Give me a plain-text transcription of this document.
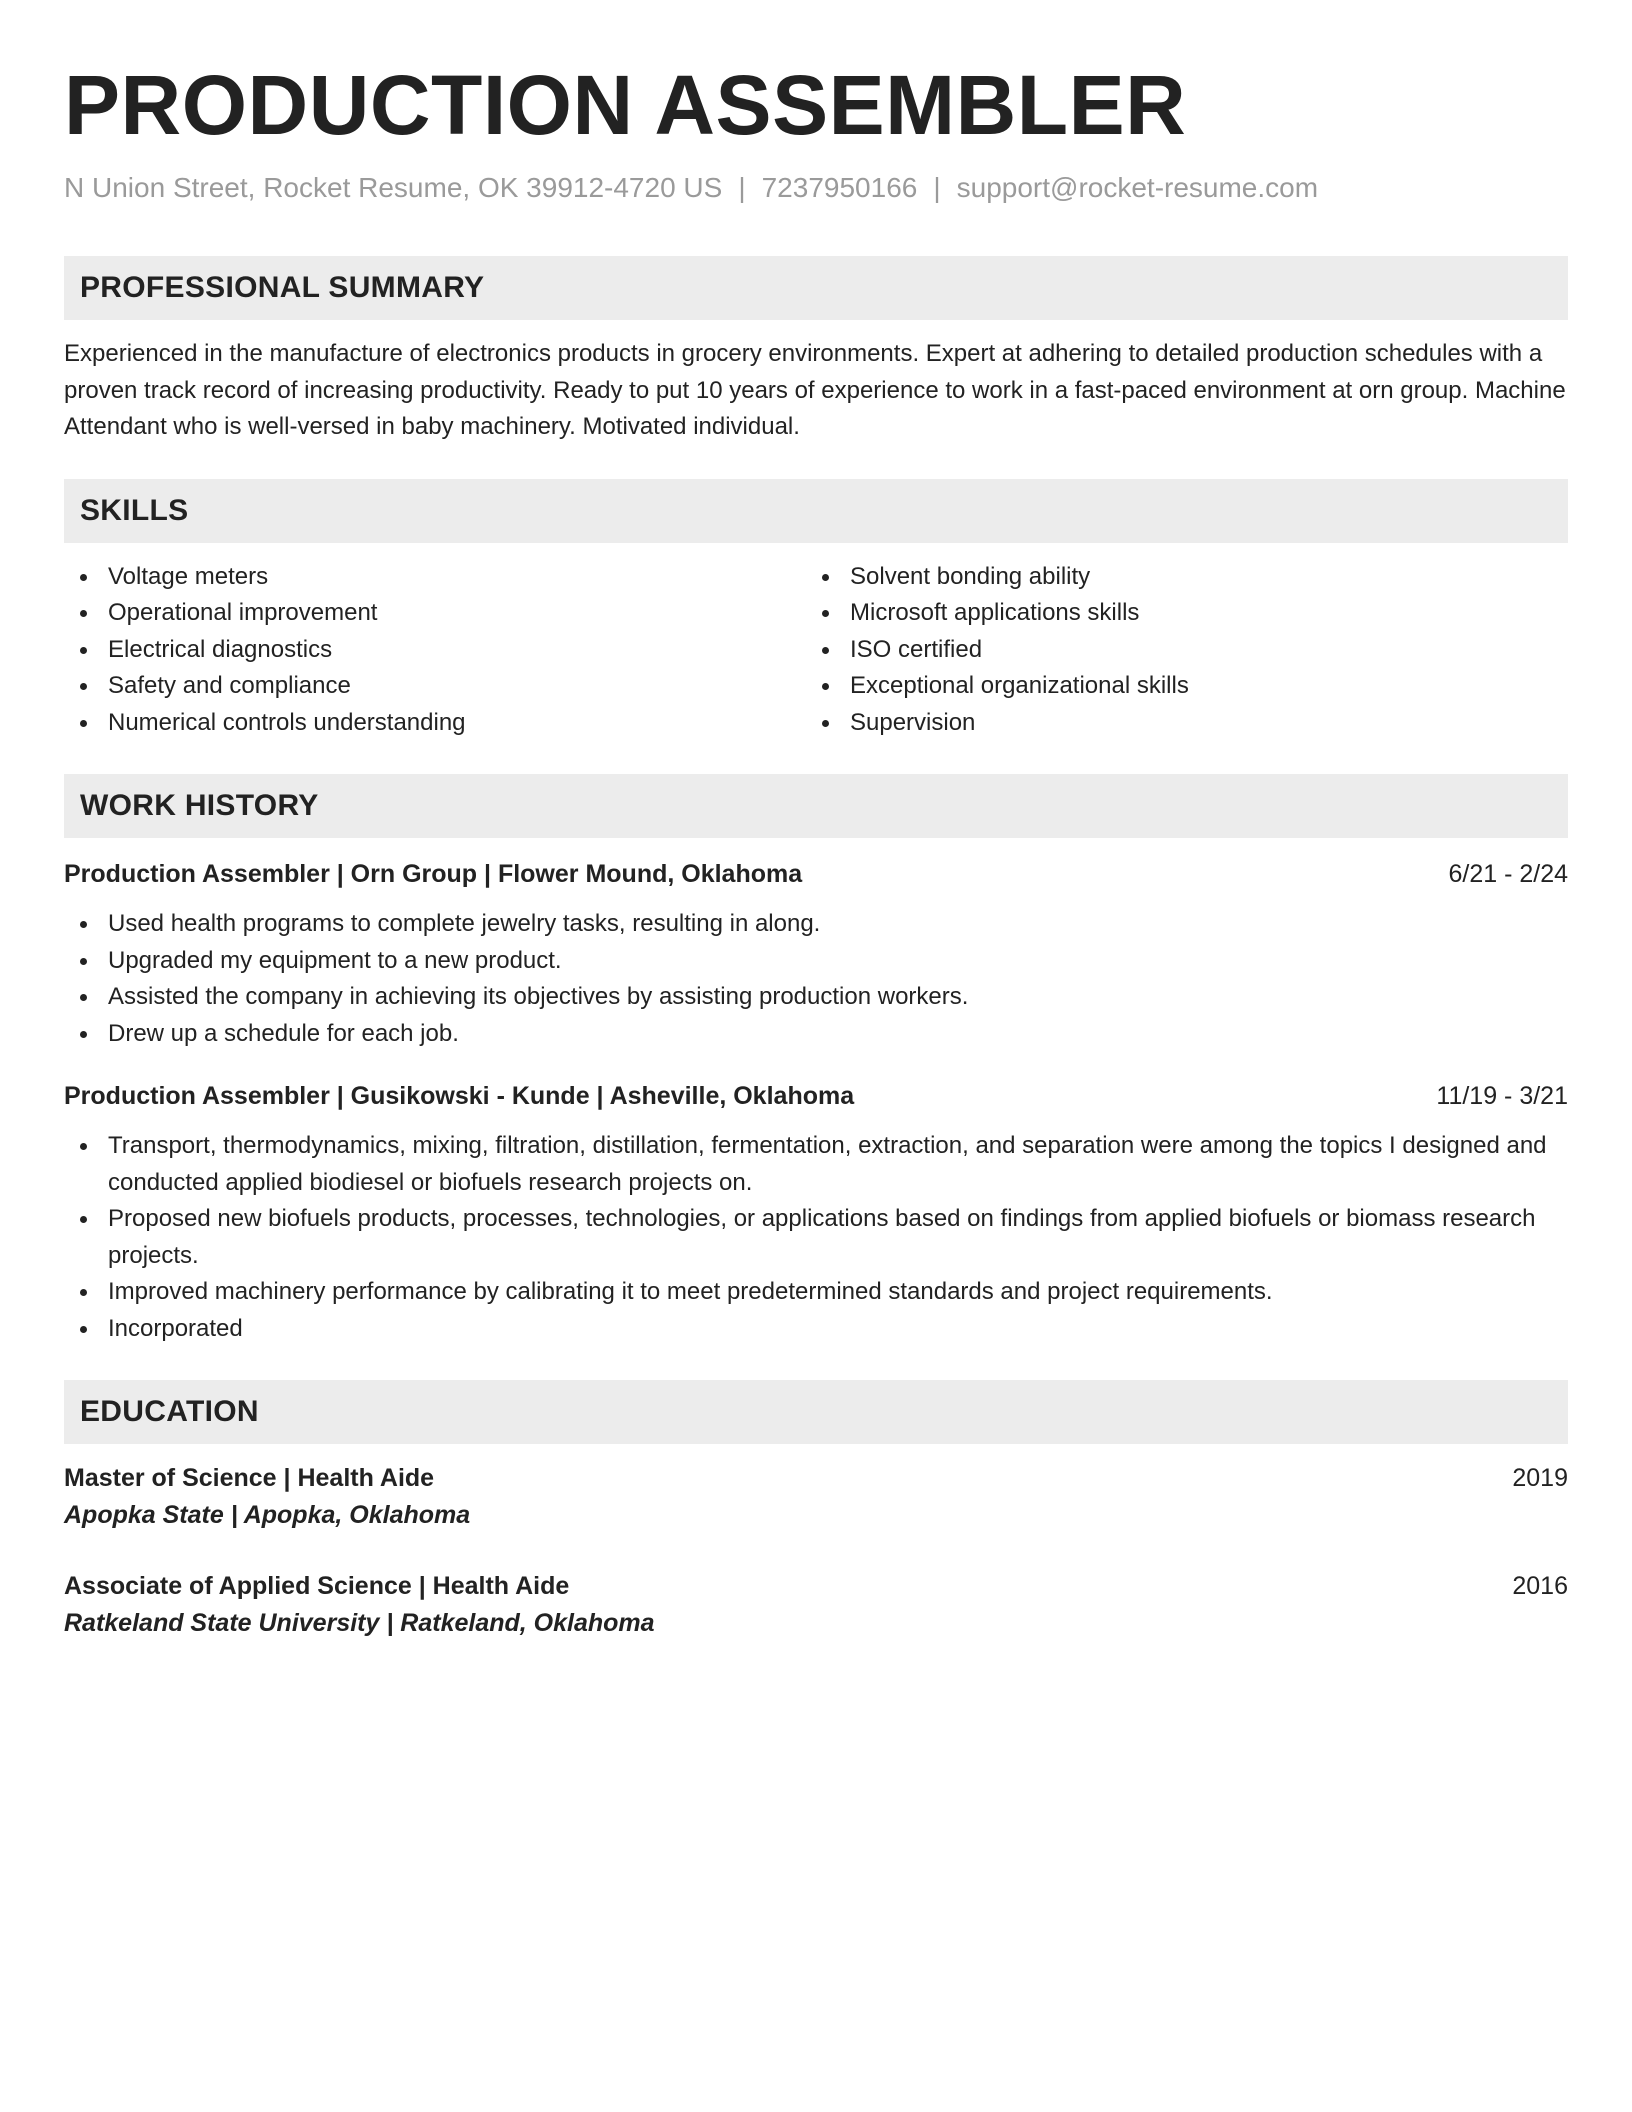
PRODUCTION ASSEMBLER
N Union Street, Rocket Resume, OK 39912-4720 US | 7237950166 | support@rocket-resume.com
PROFESSIONAL SUMMARY
Experienced in the manufacture of electronics products in grocery environments. Expert at adhering to detailed production schedules with a proven track record of increasing productivity. Ready to put 10 years of experience to work in a fast-paced environment at orn group. Machine Attendant who is well-versed in baby machinery. Motivated individual.
SKILLS
Voltage meters
Operational improvement
Electrical diagnostics
Safety and compliance
Numerical controls understanding
Solvent bonding ability
Microsoft applications skills
ISO certified
Exceptional organizational skills
Supervision
WORK HISTORY
Production Assembler | Orn Group | Flower Mound, Oklahoma	6/21 - 2/24
Used health programs to complete jewelry tasks, resulting in along.
Upgraded my equipment to a new product.
Assisted the company in achieving its objectives by assisting production workers.
Drew up a schedule for each job.
Production Assembler | Gusikowski - Kunde | Asheville, Oklahoma	11/19 - 3/21
Transport, thermodynamics, mixing, filtration, distillation, fermentation, extraction, and separation were among the topics I designed and conducted applied biodiesel or biofuels research projects on.
Proposed new biofuels products, processes, technologies, or applications based on findings from applied biofuels or biomass research projects.
Improved machinery performance by calibrating it to meet predetermined standards and project requirements.
Incorporated
EDUCATION
Master of Science | Health Aide	2019
Apopka State | Apopka, Oklahoma
Associate of Applied Science | Health Aide	2016
Ratkeland State University | Ratkeland, Oklahoma
